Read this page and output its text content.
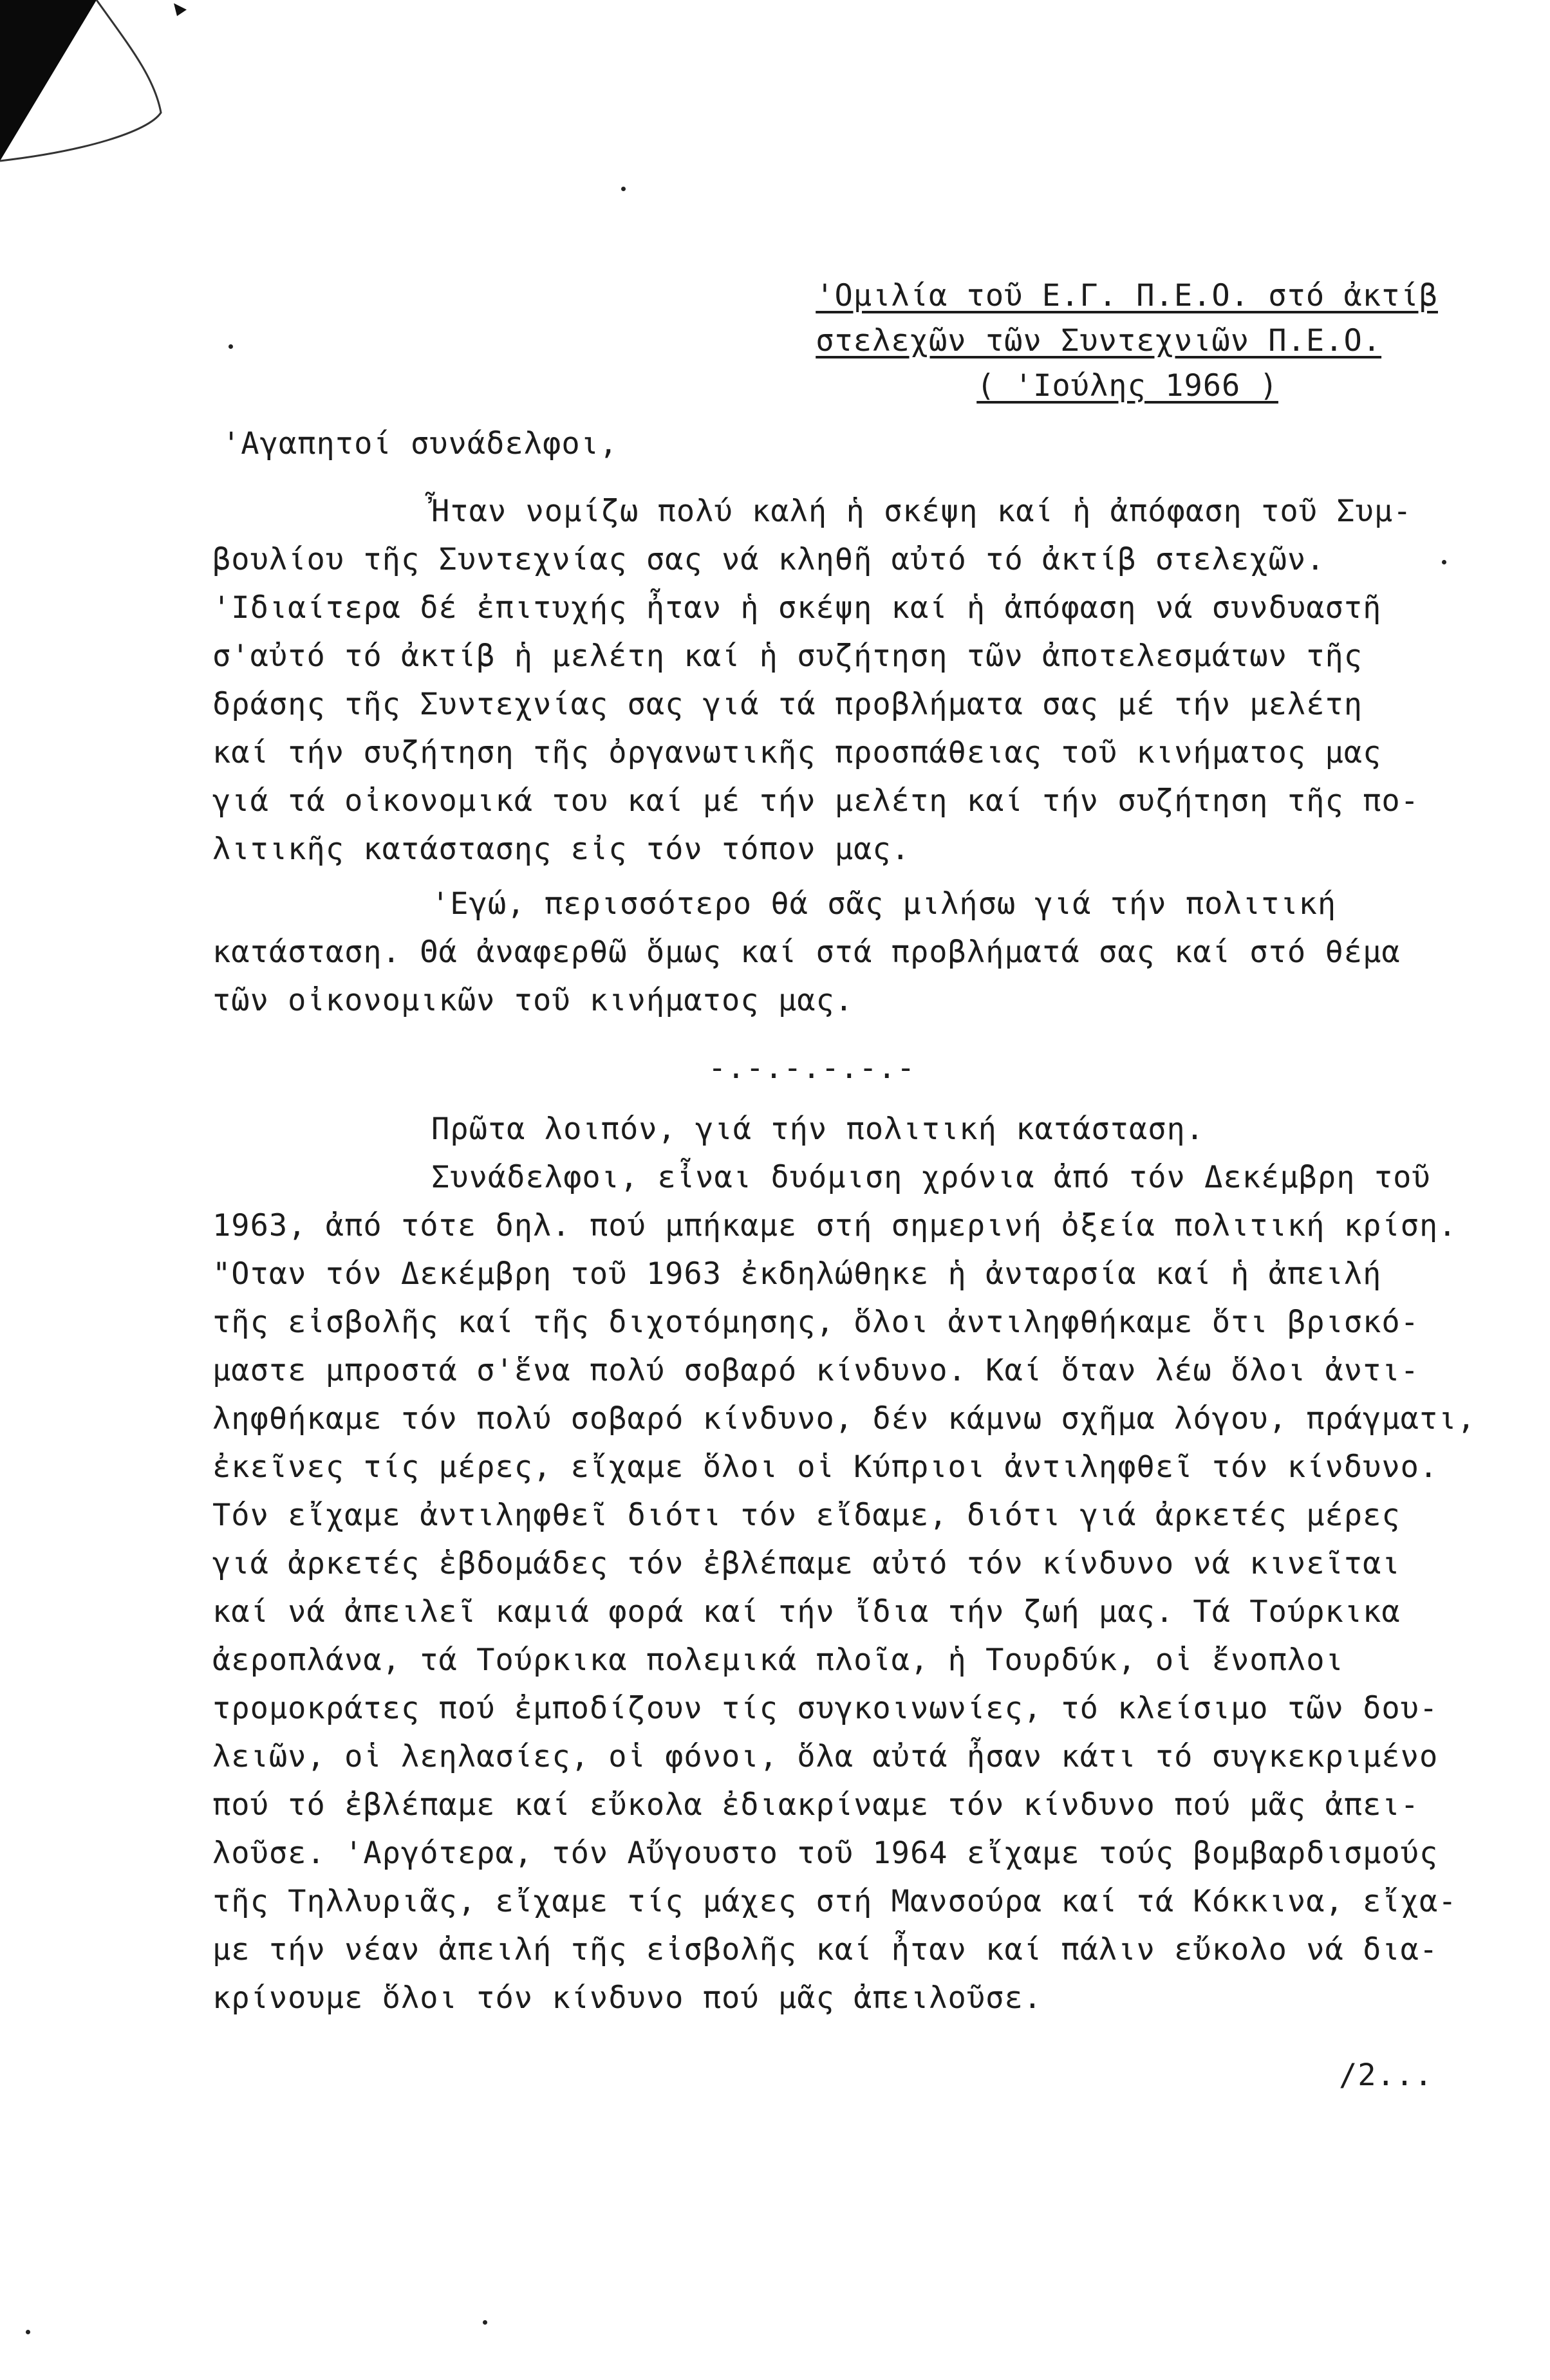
'Ομιλία τοῦ Ε.Γ. Π.Ε.Ο. στό ἀκτίβ

στελεχῶν τῶν Συντεχνιῶν Π.Ε.Ο.

( 'Ιούλης 1966 )

'Αγαπητοί συνάδελφοι,
Ἦταν νομίζω πολύ καλή ἡ σκέψη καί ἡ ἀπόφαση τοῦ Συμ-
βουλίου τῆς Συντεχνίας σας νά κληθῆ αὐτό τό ἀκτίβ στελεχῶν.
'Ιδιαίτερα δέ ἐπιτυχής ἦταν ἡ σκέψη καί ἡ ἀπόφαση νά συνδυαστῆ
σ'αὐτό τό ἀκτίβ ἡ μελέτη καί ἡ συζήτηση τῶν ἀποτελεσμάτων τῆς
δράσης τῆς Συντεχνίας σας γιά τά προβλήματα σας μέ τήν μελέτη
καί τήν συζήτηση τῆς ὀργανωτικῆς προσπάθειας τοῦ κινήματος μας
γιά τά οἰκονομικά του καί μέ τήν μελέτη καί τήν συζήτηση τῆς πο-
λιτικῆς κατάστασης εἰς τόν τόπον μας.
'Εγώ, περισσότερο θά σᾶς μιλήσω γιά τήν πολιτική
κατάσταση. Θά ἀναφερθῶ ὅμως καί στά προβλήματά σας καί στό θέμα
τῶν οἰκονομικῶν τοῦ κινήματος μας.
-.-.-.-.-.-
Πρῶτα λοιπόν, γιά τήν πολιτική κατάσταση.
Συνάδελφοι, εἶναι δυόμιση χρόνια ἀπό τόν Δεκέμβρη τοῦ
1963, ἀπό τότε δηλ. πού μπήκαμε στή σημερινή ὀξεία πολιτική κρίση.
"Οταν τόν Δεκέμβρη τοῦ 1963 ἐκδηλώθηκε ἡ ἀνταρσία καί ἡ ἀπειλή
τῆς εἰσβολῆς καί τῆς διχοτόμησης, ὅλοι ἀντιληφθήκαμε ὅτι βρισκό-
μαστε μπροστά σ'ἕνα πολύ σοβαρό κίνδυνο. Καί ὅταν λέω ὅλοι ἀντι-
ληφθήκαμε τόν πολύ σοβαρό κίνδυνο, δέν κάμνω σχῆμα λόγου, πράγματι,
ἐκεῖνες τίς μέρες, εἴχαμε ὅλοι οἱ Κύπριοι ἀντιληφθεῖ τόν κίνδυνο.
Τόν εἴχαμε ἀντιληφθεῖ διότι τόν εἴδαμε, διότι γιά ἀρκετές μέρες
γιά ἀρκετές ἑβδομάδες τόν ἐβλέπαμε αὐτό τόν κίνδυνο νά κινεῖται
καί νά ἀπειλεῖ καμιά φορά καί τήν ἴδια τήν ζωή μας. Τά Τούρκικα
ἀεροπλάνα, τά Τούρκικα πολεμικά πλοῖα, ἡ Τουρδύκ, οἱ ἔνοπλοι
τρομοκράτες πού ἐμποδίζουν τίς συγκοινωνίες, τό κλείσιμο τῶν δου-
λειῶν, οἱ λεηλασίες, οἱ φόνοι, ὅλα αὐτά ἦσαν κάτι τό συγκεκριμένο
πού τό ἐβλέπαμε καί εὔκολα ἐδιακρίναμε τόν κίνδυνο πού μᾶς ἀπει-
λοῦσε. 'Αργότερα, τόν Αὔγουστο τοῦ 1964 εἴχαμε τούς βομβαρδισμούς
τῆς Τηλλυριᾶς, εἴχαμε τίς μάχες στή Μανσούρα καί τά Κόκκινα, εἴχα-
με τήν νέαν ἀπειλή τῆς εἰσβολῆς καί ἦταν καί πάλιν εὔκολο νά δια-
κρίνουμε ὅλοι τόν κίνδυνο πού μᾶς ἀπειλοῦσε.
/2...
